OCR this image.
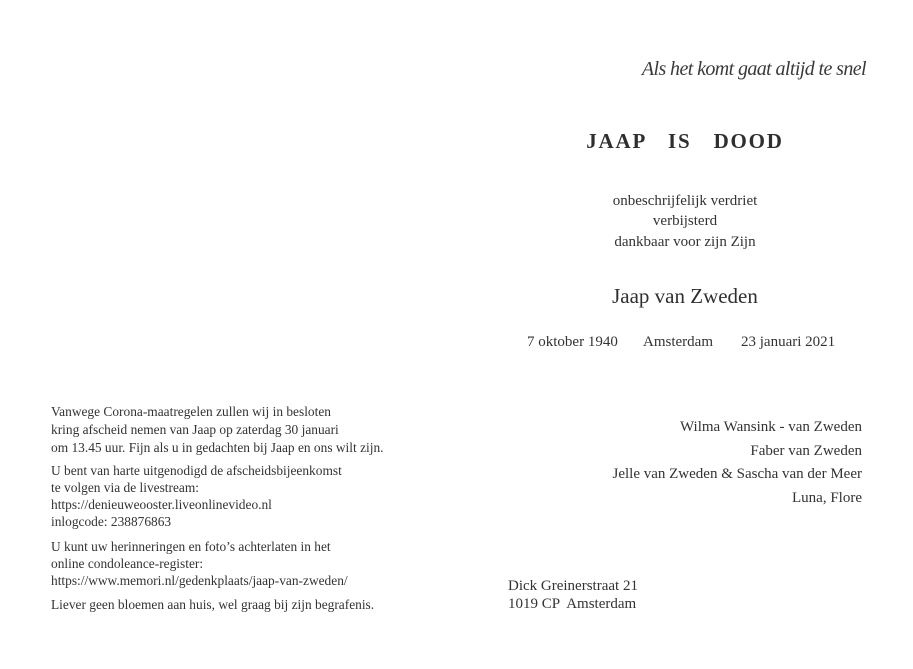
Als het komt gaat altijd te snel
JAAP  IS  DOOD
onbeschrijfelijk verdriet
verbijsterd
dankbaar voor zijn Zijn
Jaap van Zweden
7 oktober 1940 Amsterdam 23 januari 2021
Wilma Wansink - van Zweden
Faber van Zweden
Jelle van Zweden & Sascha van der Meer
Luna, Flore
Dick Greinerstraat 21
1019 CP  Amsterdam
Vanwege Corona-maatregelen zullen wij in besloten
kring afscheid nemen van Jaap op zaterdag 30 januari
om 13.45 uur. Fijn als u in gedachten bij Jaap en ons wilt zijn.
U bent van harte uitgenodigd de afscheidsbijeenkomst
te volgen via de livestream:
https://denieuweooster.liveonlinevideo.nl
inlogcode: 238876863
U kunt uw herinneringen en foto’s achterlaten in het
online condoleance-register:
https://www.memori.nl/gedenkplaats/jaap-van-zweden/
Liever geen bloemen aan huis, wel graag bij zijn begrafenis.
